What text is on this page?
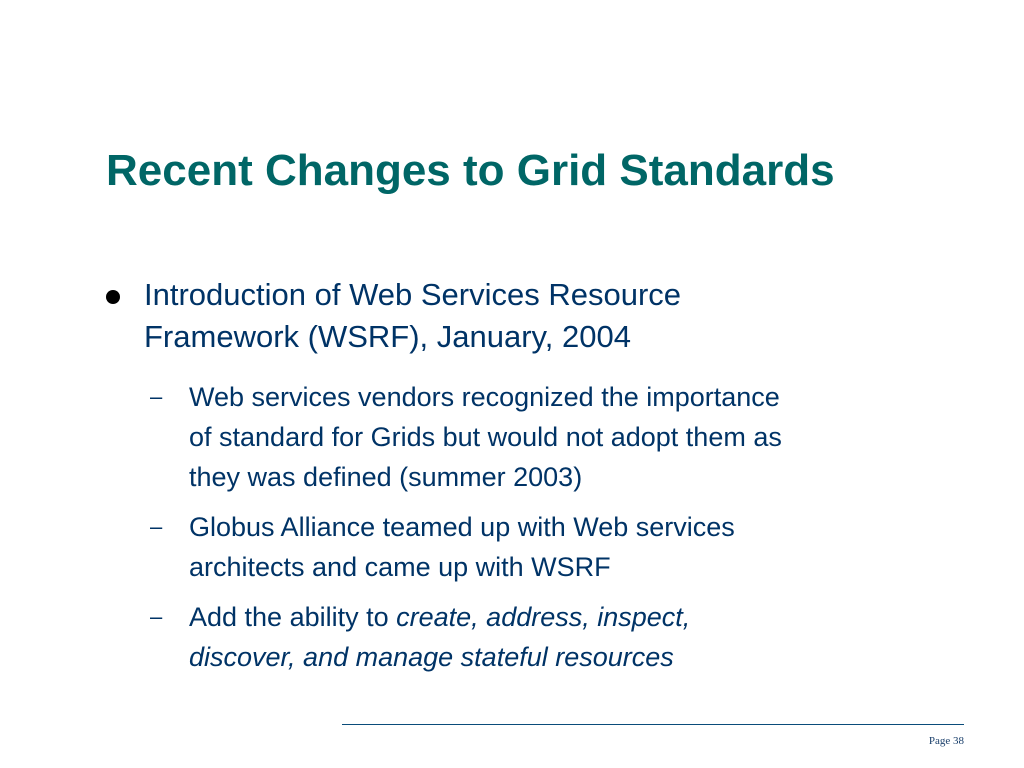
Recent Changes to Grid Standards
Introduction of Web Services Resource
Framework (WSRF), January, 2004
– Web services vendors recognized the importance
of standard for Grids but would not adopt them as
they was defined (summer 2003)
– Globus Alliance teamed up with Web services
architects and came up with WSRF
– Add the ability to create, address, inspect,
discover, and manage stateful resources
Page 38
